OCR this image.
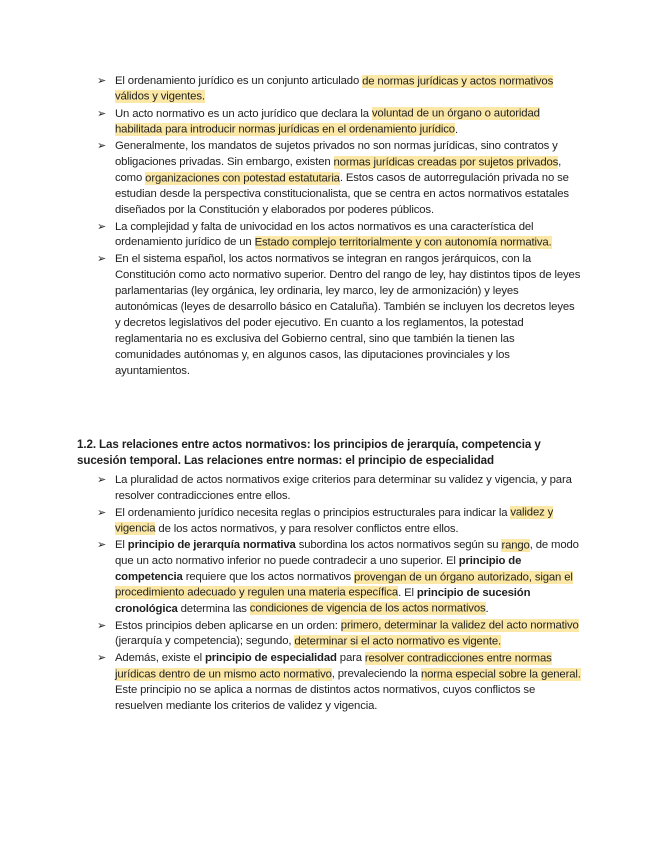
➢ El ordenamiento jurídico es un conjunto articulado de normas jurídicas y actos normativos válidos y vigentes.
➢ Un acto normativo es un acto jurídico que declara la voluntad de un órgano o autoridad habilitada para introducir normas jurídicas en el ordenamiento jurídico.
➢ Generalmente, los mandatos de sujetos privados no son normas jurídicas, sino contratos y obligaciones privadas. Sin embargo, existen normas jurídicas creadas por sujetos privados, como organizaciones con potestad estatutaria. Estos casos de autorregulación privada no se estudian desde la perspectiva constitucionalista, que se centra en actos normativos estatales diseñados por la Constitución y elaborados por poderes públicos.
➢ La complejidad y falta de univocidad en los actos normativos es una característica del ordenamiento jurídico de un Estado complejo territorialmente y con autonomía normativa.
➢ En el sistema español, los actos normativos se integran en rangos jerárquicos, con la Constitución como acto normativo superior. Dentro del rango de ley, hay distintos tipos de leyes parlamentarias (ley orgánica, ley ordinaria, ley marco, ley de armonización) y leyes autonómicas (leyes de desarrollo básico en Cataluña). También se incluyen los decretos leyes y decretos legislativos del poder ejecutivo. En cuanto a los reglamentos, la potestad reglamentaria no es exclusiva del Gobierno central, sino que también la tienen las comunidades autónomas y, en algunos casos, las diputaciones provinciales y los ayuntamientos.
1.2. Las relaciones entre actos normativos: los principios de jerarquía, competencia y sucesión temporal. Las relaciones entre normas: el principio de especialidad
➢ La pluralidad de actos normativos exige criterios para determinar su validez y vigencia, y para resolver contradicciones entre ellos.
➢ El ordenamiento jurídico necesita reglas o principios estructurales para indicar la validez y vigencia de los actos normativos, y para resolver conflictos entre ellos.
➢ El principio de jerarquía normativa subordina los actos normativos según su rango, de modo que un acto normativo inferior no puede contradecir a uno superior. El principio de competencia requiere que los actos normativos provengan de un órgano autorizado, sigan el procedimiento adecuado y regulen una materia específica. El principio de sucesión cronológica determina las condiciones de vigencia de los actos normativos.
➢ Estos principios deben aplicarse en un orden: primero, determinar la validez del acto normativo (jerarquía y competencia); segundo, determinar si el acto normativo es vigente.
➢ Además, existe el principio de especialidad para resolver contradicciones entre normas jurídicas dentro de un mismo acto normativo, prevaleciendo la norma especial sobre la general. Este principio no se aplica a normas de distintos actos normativos, cuyos conflictos se resuelven mediante los criterios de validez y vigencia.
